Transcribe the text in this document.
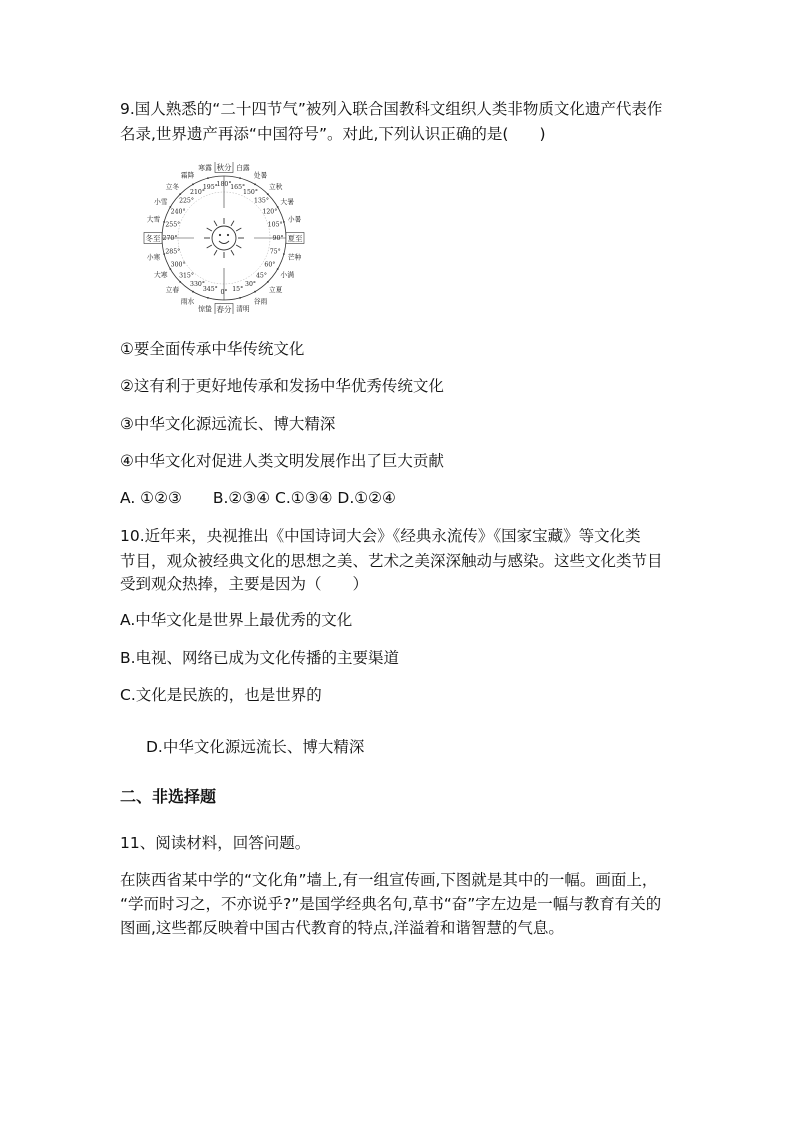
9.国人熟悉的“二十四节气”被列入联合国教科文组织人类非物质文化遗产代表作
名录,世界遗产再添“中国符号”。对此,下列认识正确的是(　　)
秋分
180°
夏至
90°
春分
0°
冬至 270°
寒露
195°
白露
165°
处暑
150°
立秋
135° 大暑
120°
小暑
105°
芒种
75°
小满
60°
立夏
45°
谷雨
30°
清明
15°
惊蛰
345°
雨水
330°
立春
315°
大寒
300°
小寒
285°
大雪
255°
小雪
240°
立冬
225°
霜降
210°
①要全面传承中华传统文化
②这有利于更好地传承和发扬中华优秀传统文化
③中华文化源远流长、博大精深
④中华文化对促进人类文明发展作出了巨大贡献
A. ①②③　　B.②③④ C.①③④ D.①②④
10.近年来，央视推出《中国诗词大会》《经典永流传》《国家宝藏》等文化类
节目，观众被经典文化的思想之美、艺术之美深深触动与感染。这些文化类节目
受到观众热捧，主要是因为（　　）
A.中华文化是世界上最优秀的文化
B.电视、网络已成为文化传播的主要渠道
C.文化是民族的，也是世界的
D.中华文化源远流长、博大精深
二、非选择题
11、阅读材料，回答问题。
在陕西省某中学的“文化角”墙上,有一组宣传画,下图就是其中的一幅。画面上，
“学而时习之，不亦说乎?”是国学经典名句,草书“奋”字左边是一幅与教育有关的
图画,这些都反映着中国古代教育的特点,洋溢着和谐智慧的气息。
